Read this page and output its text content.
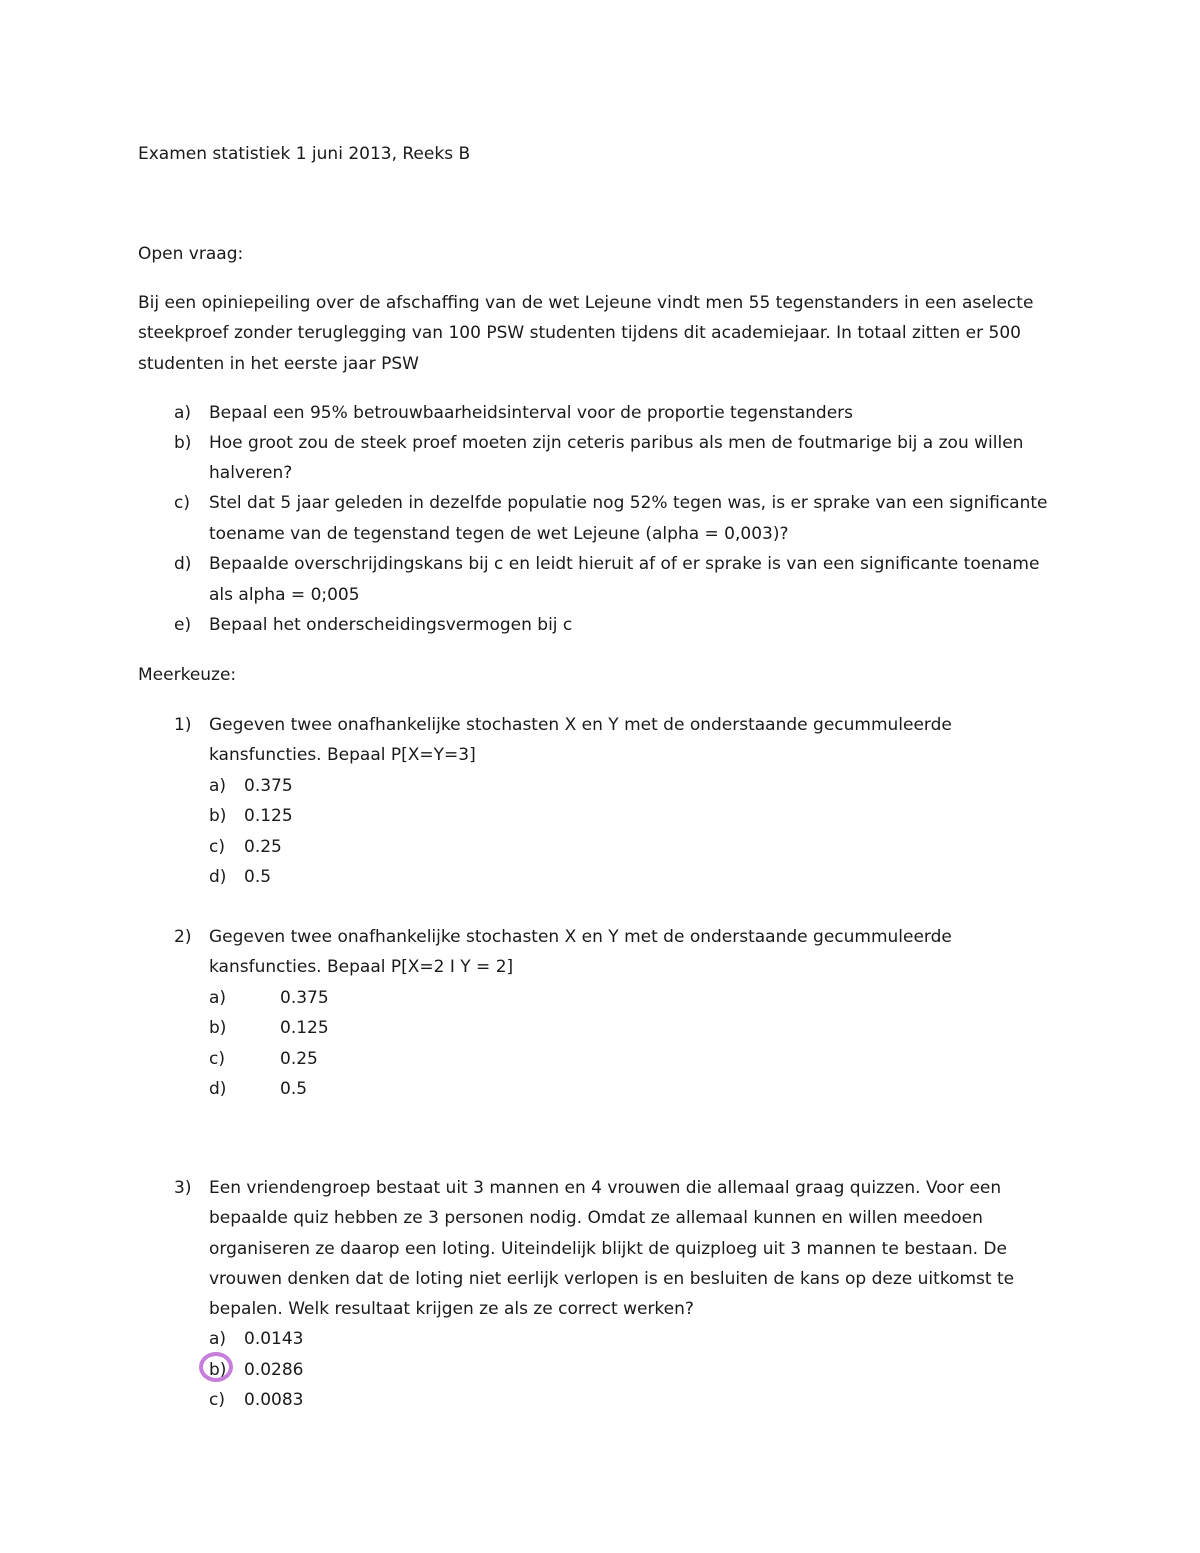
Examen statistiek 1 juni 2013, Reeks B
Open vraag:
Bij een opiniepeiling over de afschaffing van de wet Lejeune vindt men 55 tegenstanders in een aselecte
steekproef zonder teruglegging van 100 PSW studenten tijdens dit academiejaar. In totaal zitten er 500
studenten in het eerste jaar PSW
a) Bepaal een 95% betrouwbaarheidsinterval voor de proportie tegenstanders
b) Hoe groot zou de steek proef moeten zijn ceteris paribus als men de foutmarige bij a zou willen
halveren?
c) Stel dat 5 jaar geleden in dezelfde populatie nog 52% tegen was, is er sprake van een significante
toename van de tegenstand tegen de wet Lejeune (alpha = 0,003)?
d) Bepaalde overschrijdingskans bij c en leidt hieruit af of er sprake is van een significante toename
als alpha = 0;005
e) Bepaal het onderscheidingsvermogen bij c
Meerkeuze:
1) Gegeven twee onafhankelijke stochasten X en Y met de onderstaande gecummuleerde
kansfuncties. Bepaal P[X=Y=3]
a) 0.375
b) 0.125
c) 0.25
d) 0.5
2) Gegeven twee onafhankelijke stochasten X en Y met de onderstaande gecummuleerde
kansfuncties. Bepaal P[X=2 I Y = 2]
a)	0.375
b)	0.125
c)	0.25
d)	0.5
3) Een vriendengroep bestaat uit 3 mannen en 4 vrouwen die allemaal graag quizzen. Voor een
bepaalde quiz hebben ze 3 personen nodig. Omdat ze allemaal kunnen en willen meedoen
organiseren ze daarop een loting. Uiteindelijk blijkt de quizploeg uit 3 mannen te bestaan. De
vrouwen denken dat de loting niet eerlijk verlopen is en besluiten de kans op deze uitkomst te
bepalen. Welk resultaat krijgen ze als ze correct werken?
a) 0.0143
b) 0.0286
c) 0.0083
